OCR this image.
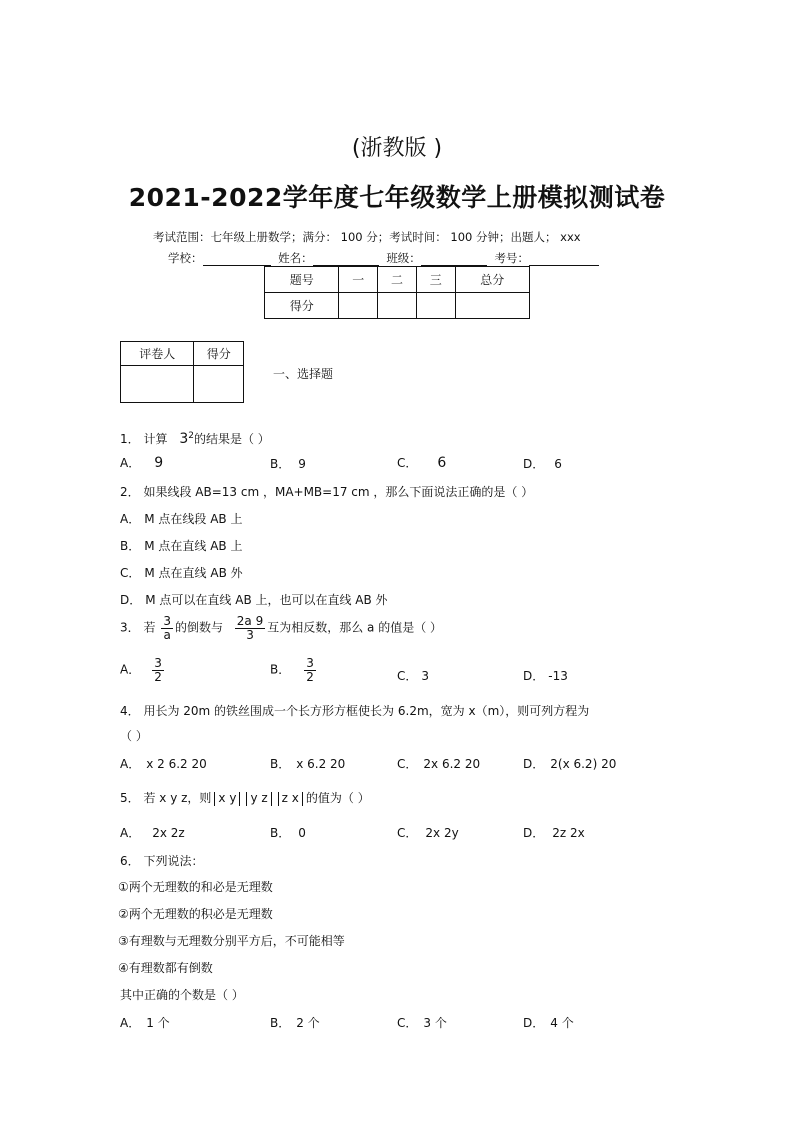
(浙教版 )
2021-2022学年度七年级数学上册模拟测试卷
考试范围：七年级上册数学；满分： 100 分；考试时间： 100 分钟；出题人； xxx
学校：	姓名：	班级：	考号：
题号	一	二	三	总分
得分				
评卷人	得分

一、选择题
1． 计算 $3^2$的结果是（ ）
A． 9	B． 9	C． 6	D． 6
2． 如果线段 AB=13 cm ，MA+MB=17 cm ，那么下面说法正确的是（ ）
A． M 点在线段 AB 上
B． M 点在直线 AB 上
C． M 点在直线 AB 外
D． M 点可以在直线 AB 上，也可以在直线 AB 外
3． 若 $\frac{3}{a}$ 的倒数与 $\frac{2a 9}{3}$ 互为相反数，那么 a 的值是（ ）
A． $\frac{3}{2}$	B． $\frac{3}{2}$	C． 3	D． -13
4． 用长为 20m 的铁丝围成一个长方形方框使长为 6.2m，宽为 x（m），则可列方程为
（ ）
A． x 2 6.2 20	B． x 6.2 20	C． 2x 6.2 20	D． 2(x 6.2) 20
5． 若 x y z，则 x y y z z x 的值为（ ）
A． 2x 2z	B． 0	C． 2x 2y	D． 2z 2x
6． 下列说法：
①两个无理数的和必是无理数
②两个无理数的积必是无理数
③有理数与无理数分别平方后，不可能相等
④有理数都有倒数
其中正确的个数是（ ）
A． 1 个	B． 2 个	C． 3 个	D． 4 个
